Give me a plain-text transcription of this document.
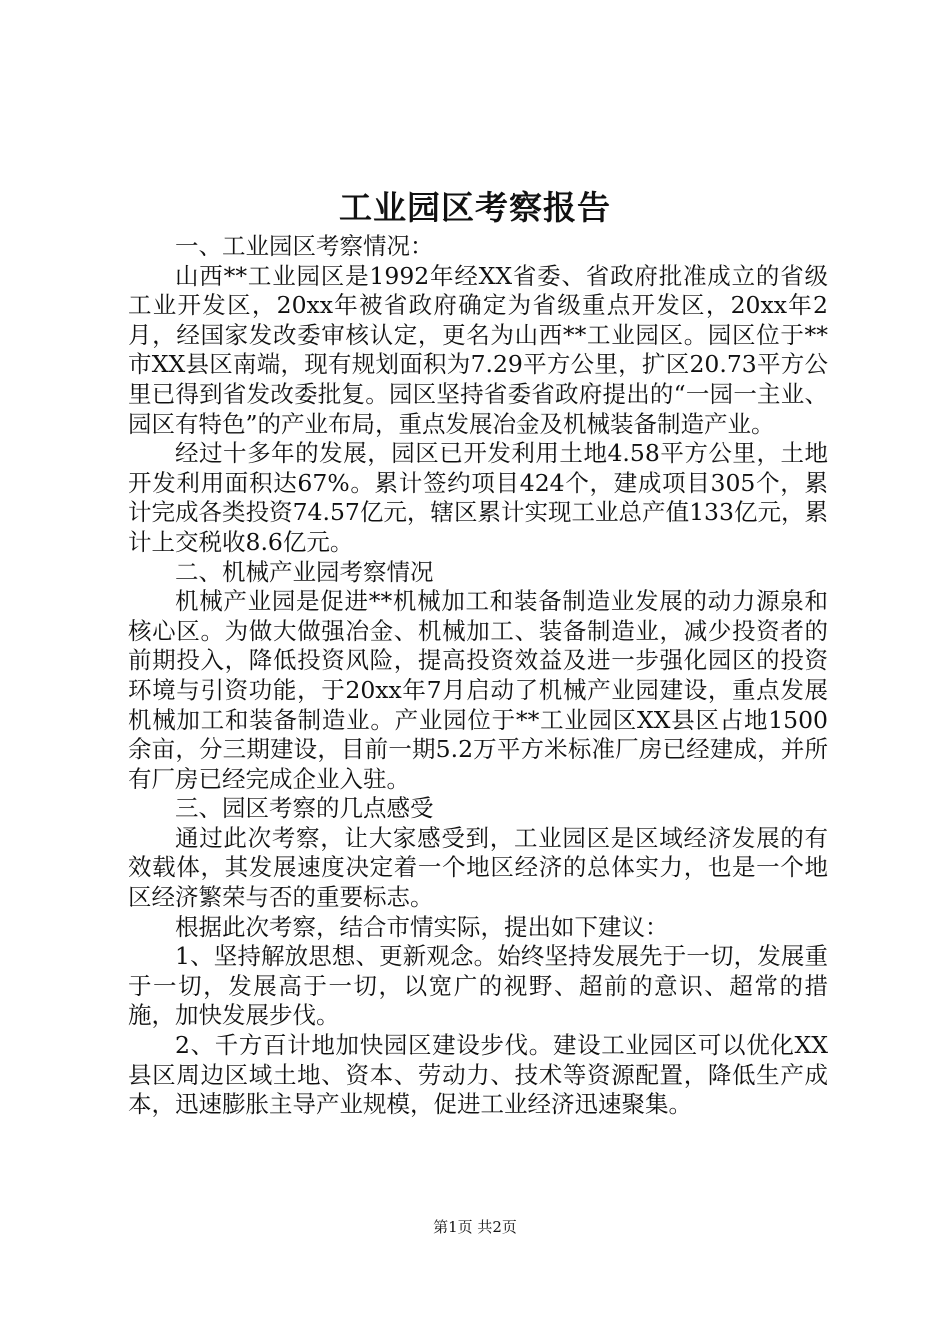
工业园区考察报告

一、工业园区考察情况：

山西**工业园区是1992年经XX省委、省政府批准成立的省级工业开发区，20xx年被省政府确定为省级重点开发区，20xx年2月，经国家发改委审核认定，更名为山西**工业园区。园区位于**市XX县区南端，现有规划面积为7.29平方公里，扩区20.73平方公里已得到省发改委批复。园区坚持省委省政府提出的“一园一主业、园区有特色”的产业布局，重点发展冶金及机械装备制造产业。

经过十多年的发展，园区已开发利用土地4.58平方公里，土地开发利用面积达67%。累计签约项目424个，建成项目305个，累计完成各类投资74.57亿元，辖区累计实现工业总产值133亿元，累计上交税收8.6亿元。

二、机械产业园考察情况

机械产业园是促进**机械加工和装备制造业发展的动力源泉和核心区。为做大做强冶金、机械加工、装备制造业，减少投资者的前期投入，降低投资风险，提高投资效益及进一步强化园区的投资环境与引资功能，于20xx年7月启动了机械产业园建设，重点发展机械加工和装备制造业。产业园位于**工业园区XX县区占地1500余亩，分三期建设，目前一期5.2万平方米标准厂房已经建成，并所有厂房已经完成企业入驻。

三、园区考察的几点感受

通过此次考察，让大家感受到，工业园区是区域经济发展的有效载体，其发展速度决定着一个地区经济的总体实力，也是一个地区经济繁荣与否的重要标志。

根据此次考察，结合市情实际，提出如下建议：

1、坚持解放思想、更新观念。始终坚持发展先于一切，发展重于一切，发展高于一切，以宽广的视野、超前的意识、超常的措施，加快发展步伐。

2、千方百计地加快园区建设步伐。建设工业园区可以优化XX县区周边区域土地、资本、劳动力、技术等资源配置，降低生产成本，迅速膨胀主导产业规模，促进工业经济迅速聚集。

第1页 共2页
